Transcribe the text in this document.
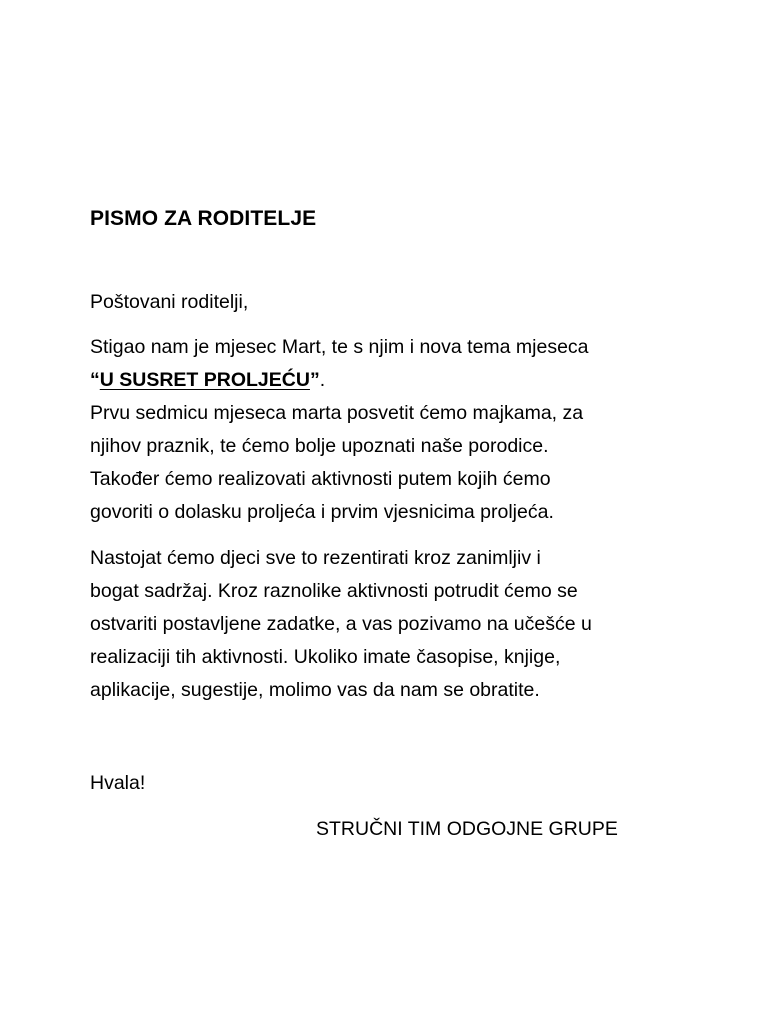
PISMO ZA RODITELJE

Poštovani roditelji,

Stigao nam je mjesec Mart, te s njim i nova tema mjeseca
“U SUSRET PROLJEĆU”.
Prvu sedmicu mjeseca marta posvetit ćemo majkama, za
njihov praznik, te ćemo bolje upoznati naše porodice.
Također ćemo realizovati aktivnosti putem kojih ćemo
govoriti o dolasku proljeća i prvim vjesnicima proljeća.

Nastojat ćemo djeci sve to rezentirati kroz zanimljiv i
bogat sadržaj. Kroz raznolike aktivnosti potrudit ćemo se
ostvariti postavljene zadatke, a vas pozivamo na učešće u
realizaciji tih aktivnosti. Ukoliko imate časopise, knjige,
aplikacije, sugestije, molimo vas da nam se obratite.

Hvala!

STRUČNI TIM ODGOJNE GRUPE
